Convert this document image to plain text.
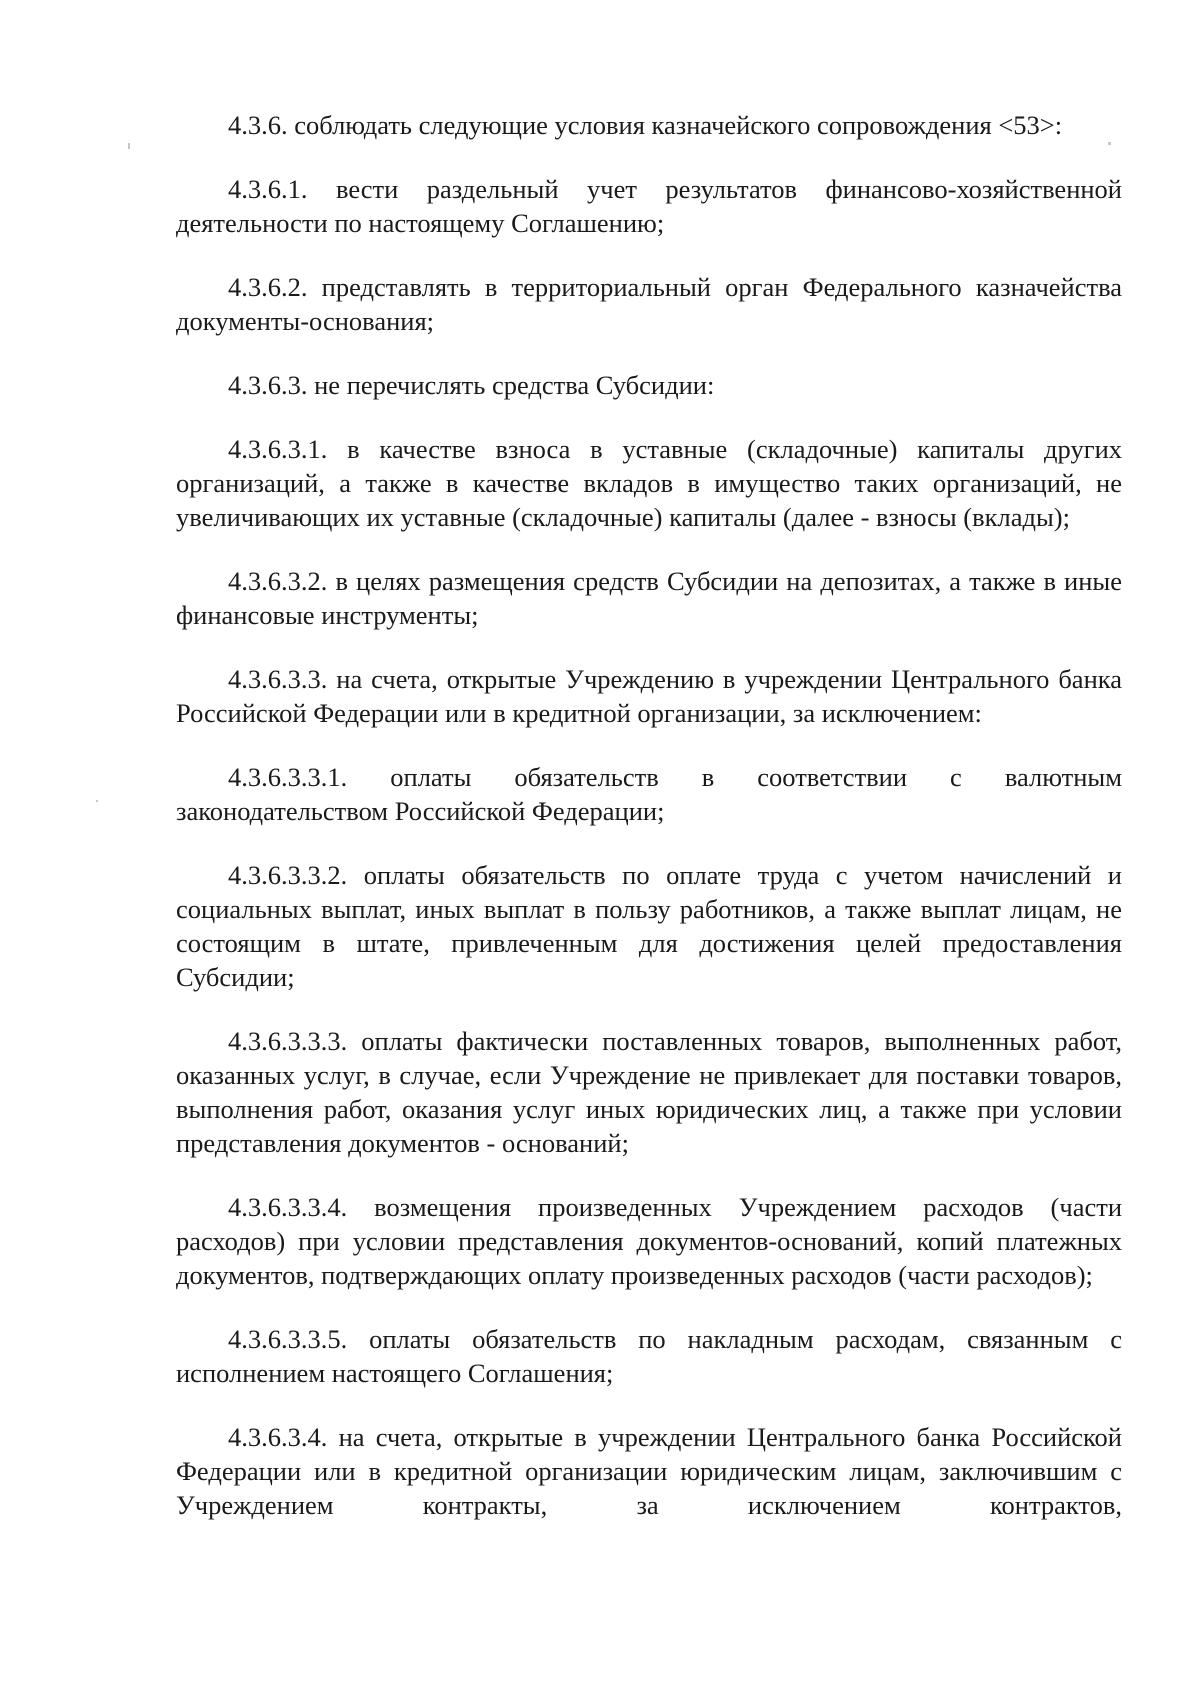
4.3.6. соблюдать следующие условия казначейского сопровождения <53>:

4.3.6.1. вести раздельный учет результатов финансово-хозяйственной деятельности по настоящему Соглашению;

4.3.6.2. представлять в территориальный орган Федерального казначейства документы-основания;

4.3.6.3. не перечислять средства Субсидии:

4.3.6.3.1. в качестве взноса в уставные (складочные) капиталы других организаций, а также в качестве вкладов в имущество таких организаций, не увеличивающих их уставные (складочные) капиталы (далее - взносы (вклады);

4.3.6.3.2. в целях размещения средств Субсидии на депозитах, а также в иные финансовые инструменты;

4.3.6.3.3. на счета, открытые Учреждению в учреждении Центрального банка Российской Федерации или в кредитной организации, за исключением:

4.3.6.3.3.1. оплаты обязательств в соответствии с валютным законодательством Российской Федерации;

4.3.6.3.3.2. оплаты обязательств по оплате труда с учетом начислений и социальных выплат, иных выплат в пользу работников, а также выплат лицам, не состоящим в штате, привлеченным для достижения целей предоставления Субсидии;

4.3.6.3.3.3. оплаты фактически поставленных товаров, выполненных работ, оказанных услуг, в случае, если Учреждение не привлекает для поставки товаров, выполнения работ, оказания услуг иных юридических лиц, а также при условии представления документов - оснований;

4.3.6.3.3.4. возмещения произведенных Учреждением расходов (части расходов) при условии представления документов-оснований, копий платежных документов, подтверждающих оплату произведенных расходов (части расходов);

4.3.6.3.3.5. оплаты обязательств по накладным расходам, связанным с исполнением настоящего Соглашения;

4.3.6.3.4. на счета, открытые в учреждении Центрального банка Российской Федерации или в кредитной организации юридическим лицам, заключившим с Учреждением контракты, за исключением контрактов,
